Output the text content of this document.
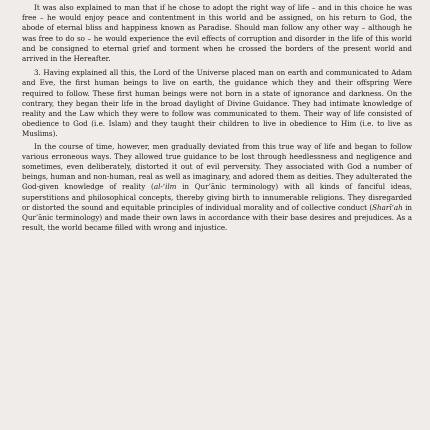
It was also explained to man that if he chose to adopt the right way of life – and in this choice he was free – he would enjoy peace and contentment in this world and be assigned, on his return to God, the abode of eternal bliss and happiness known as Paradise. Should man follow any other way – although he was free to do so – he would experience the evil effects of corruption and disorder in the life of this world and be consigned to eternal grief and torment when he crossed the borders of the present world and arrived in the Hereafter.

3. Having explained all this, the Lord of the Universe placed man on earth and communicated to Adam and Eve, the first human beings to live on earth, the guidance which they and their offspring Were required to follow. These first human beings were not born in a state of ignorance and darkness. On the contrary, they began their life in the broad daylight of Divine Guidance. They had intimate knowledge of reality and the Law which they were to follow was communicated to them. Their way of life consisted of obedience to God (i.e. Islam) and they taught their children to live in obedience to Him (i.e. to live as Muslims).

In the course of time, however, men gradually deviated from this true way of life and began to follow various erroneous ways. They allowed true guidance to be lost through heedlessness and negligence and sometimes, even deliberately, distorted it out of evil perversity. They associated with God a number of beings, human and non-human, real as well as imaginary, and adored them as deities. They adulterated the God-given knowledge of reality (al-‘ilm in Qur’ānic terminology) with all kinds of fanciful ideas, superstitions and philosophical concepts, thereby giving birth to innumerable religions. They disregarded or distorted the sound and equitable principles of individual morality and of collective conduct (Sharī‘ah in Qur’ānic terminology) and made their own laws in accordance with their base desires and prejudices. As a result, the world became filled with wrong and injustice.
